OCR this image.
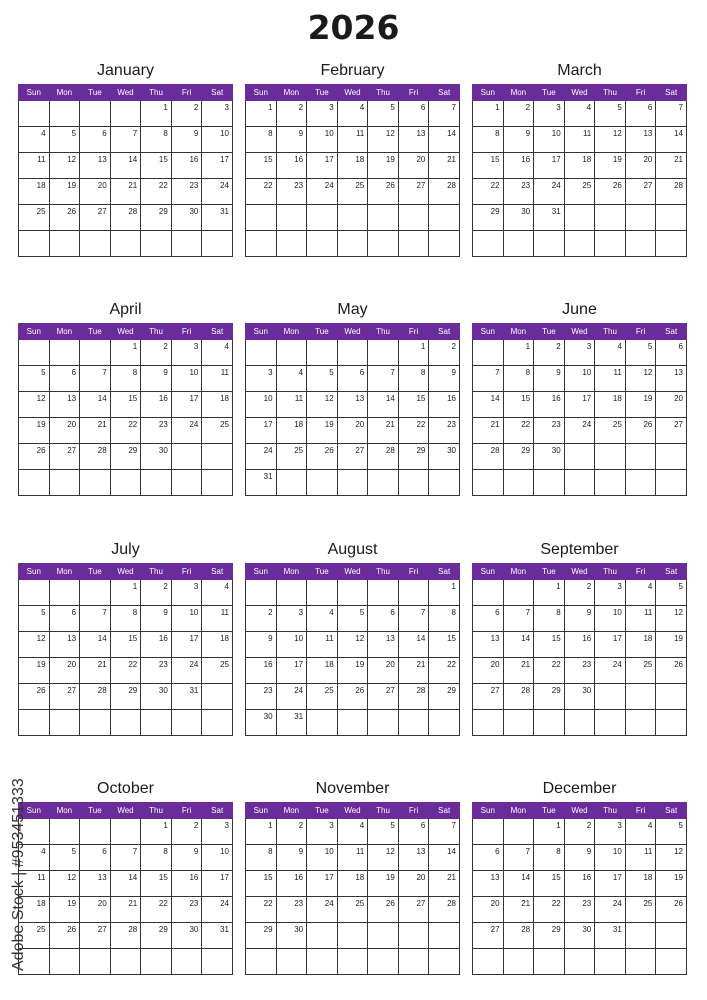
2026
January
Sun	Mon	Tue	Wed	Thu	Fri	Sat
				1	2	3
4	5	6	7	8	9	10
11	12	13	14	15	16	17
18	19	20	21	22	23	24
25	26	27	28	29	30	31

February
Sun	Mon	Tue	Wed	Thu	Fri	Sat
1	2	3	4	5	6	7
8	9	10	11	12	13	14
15	16	17	18	19	20	21
22	23	24	25	26	27	28

March
Sun	Mon	Tue	Wed	Thu	Fri	Sat
1	2	3	4	5	6	7
8	9	10	11	12	13	14
15	16	17	18	19	20	21
22	23	24	25	26	27	28
29	30	31				

April
Sun	Mon	Tue	Wed	Thu	Fri	Sat
			1	2	3	4
5	6	7	8	9	10	11
12	13	14	15	16	17	18
19	20	21	22	23	24	25
26	27	28	29	30		

May
Sun	Mon	Tue	Wed	Thu	Fri	Sat
					1	2
3	4	5	6	7	8	9
10	11	12	13	14	15	16
17	18	19	20	21	22	23
24	25	26	27	28	29	30
31						
June
Sun	Mon	Tue	Wed	Thu	Fri	Sat
	1	2	3	4	5	6
7	8	9	10	11	12	13
14	15	16	17	18	19	20
21	22	23	24	25	26	27
28	29	30				

July
Sun	Mon	Tue	Wed	Thu	Fri	Sat
			1	2	3	4
5	6	7	8	9	10	11
12	13	14	15	16	17	18
19	20	21	22	23	24	25
26	27	28	29	30	31	

August
Sun	Mon	Tue	Wed	Thu	Fri	Sat
						1
2	3	4	5	6	7	8
9	10	11	12	13	14	15
16	17	18	19	20	21	22
23	24	25	26	27	28	29
30	31					
September
Sun	Mon	Tue	Wed	Thu	Fri	Sat
		1	2	3	4	5
6	7	8	9	10	11	12
13	14	15	16	17	18	19
20	21	22	23	24	25	26
27	28	29	30			

October
Sun	Mon	Tue	Wed	Thu	Fri	Sat
				1	2	3
4	5	6	7	8	9	10
11	12	13	14	15	16	17
18	19	20	21	22	23	24
25	26	27	28	29	30	31

November
Sun	Mon	Tue	Wed	Thu	Fri	Sat
1	2	3	4	5	6	7
8	9	10	11	12	13	14
15	16	17	18	19	20	21
22	23	24	25	26	27	28
29	30					

December
Sun	Mon	Tue	Wed	Thu	Fri	Sat
		1	2	3	4	5
6	7	8	9	10	11	12
13	14	15	16	17	18	19
20	21	22	23	24	25	26
27	28	29	30	31		

Adobe Stock | #953451333
